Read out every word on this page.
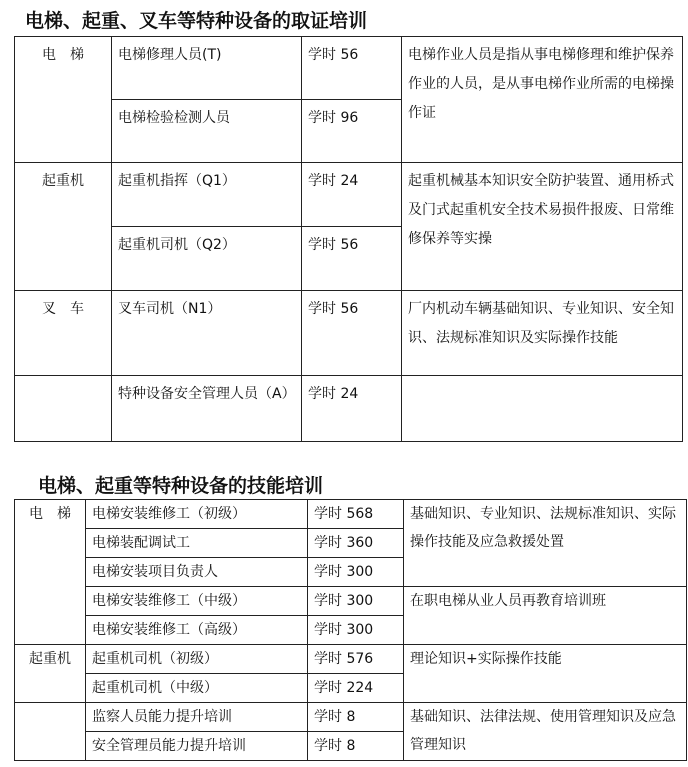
电梯、起重、叉车等特种设备的取证培训
电　梯	电梯修理人员(T)	学时 56	电梯作业人员是指从事电梯修理和维护保养作业的人员，是从事电梯作业所需的电梯操作证
	电梯检验检测人员	学时 96	
起重机	起重机指挥（Q1）	学时 24	起重机械基本知识安全防护装置、通用桥式及门式起重机安全技术易损件报废、日常维修保养等实操
	起重机司机（Q2）	学时 56	
叉　车	叉车司机（N1）	学时 56	厂内机动车辆基础知识、专业知识、安全知识、法规标准知识及实际操作技能
	特种设备安全管理人员（A）	学时 24	
电梯、起重等特种设备的技能培训
电　梯	电梯安装维修工（初级）	学时 568	基础知识、专业知识、法规标准知识、实际操作技能及应急救援处置
	电梯装配调试工	学时 360	
	电梯安装项目负责人	学时 300	
	电梯安装维修工（中级）	学时 300	在职电梯从业人员再教育培训班
	电梯安装维修工（高级）	学时 300	
起重机	起重机司机（初级）	学时 576	理论知识+实际操作技能
	起重机司机（中级）	学时 224	
	监察人员能力提升培训	学时 8	基础知识、法律法规、使用管理知识及应急管理知识
	安全管理员能力提升培训	学时 8	
